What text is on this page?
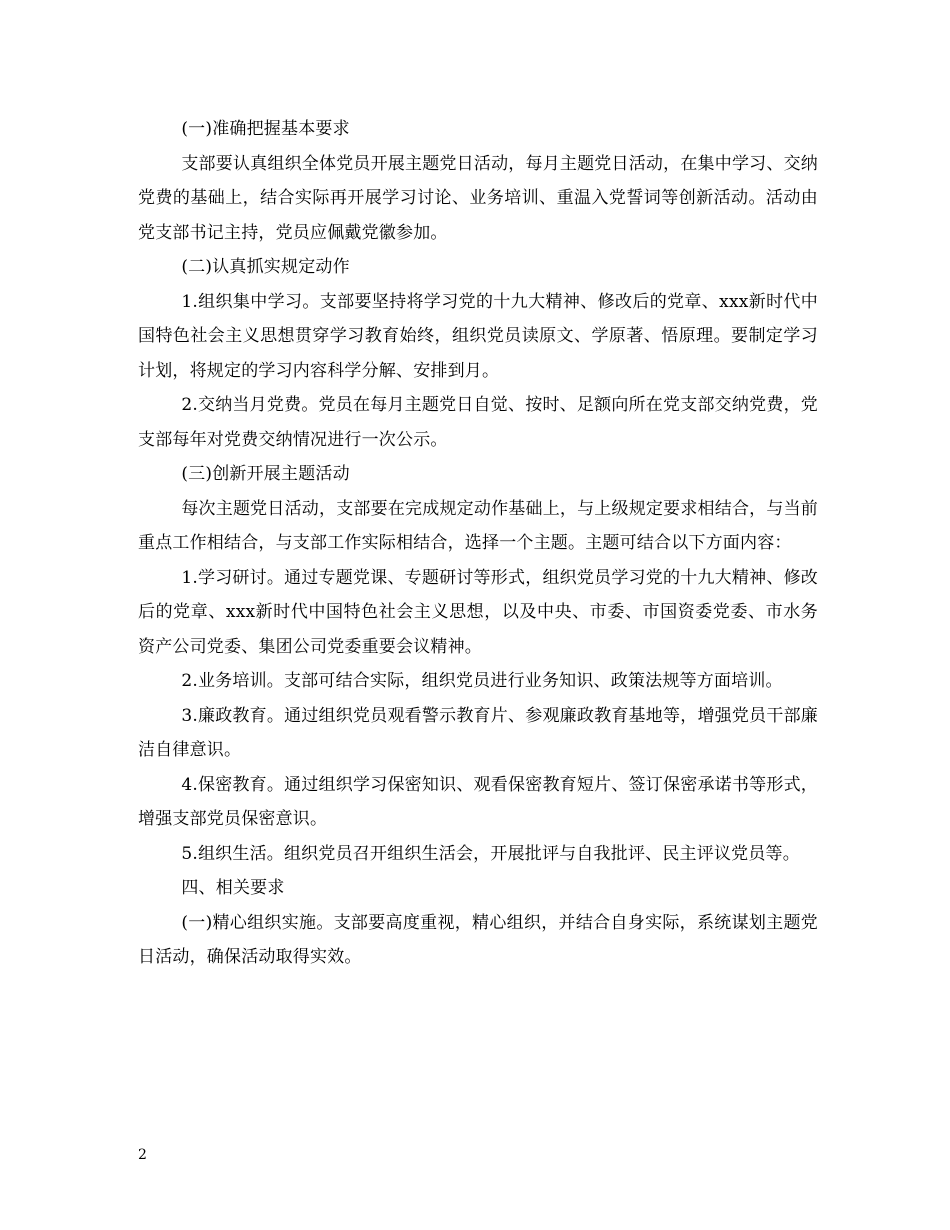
(一)准确把握基本要求

支部要认真组织全体党员开展主题党日活动，每月主题党日活动，在集中学习、交纳党费的基础上，结合实际再开展学习讨论、业务培训、重温入党誓词等创新活动。活动由党支部书记主持，党员应佩戴党徽参加。

(二)认真抓实规定动作

1.组织集中学习。支部要坚持将学习党的十九大精神、修改后的党章、xxx新时代中国特色社会主义思想贯穿学习教育始终，组织党员读原文、学原著、悟原理。要制定学习计划，将规定的学习内容科学分解、安排到月。

2.交纳当月党费。党员在每月主题党日自觉、按时、足额向所在党支部交纳党费，党支部每年对党费交纳情况进行一次公示。

(三)创新开展主题活动

每次主题党日活动，支部要在完成规定动作基础上，与上级规定要求相结合，与当前重点工作相结合，与支部工作实际相结合，选择一个主题。主题可结合以下方面内容：

1.学习研讨。通过专题党课、专题研讨等形式，组织党员学习党的十九大精神、修改后的党章、xxx新时代中国特色社会主义思想，以及中央、市委、市国资委党委、市水务资产公司党委、集团公司党委重要会议精神。

2.业务培训。支部可结合实际，组织党员进行业务知识、政策法规等方面培训。

3.廉政教育。通过组织党员观看警示教育片、参观廉政教育基地等，增强党员干部廉洁自律意识。

4.保密教育。通过组织学习保密知识、观看保密教育短片、签订保密承诺书等形式，增强支部党员保密意识。

5.组织生活。组织党员召开组织生活会，开展批评与自我批评、民主评议党员等。

四、相关要求

(一)精心组织实施。支部要高度重视，精心组织，并结合自身实际，系统谋划主题党日活动，确保活动取得实效。

2
